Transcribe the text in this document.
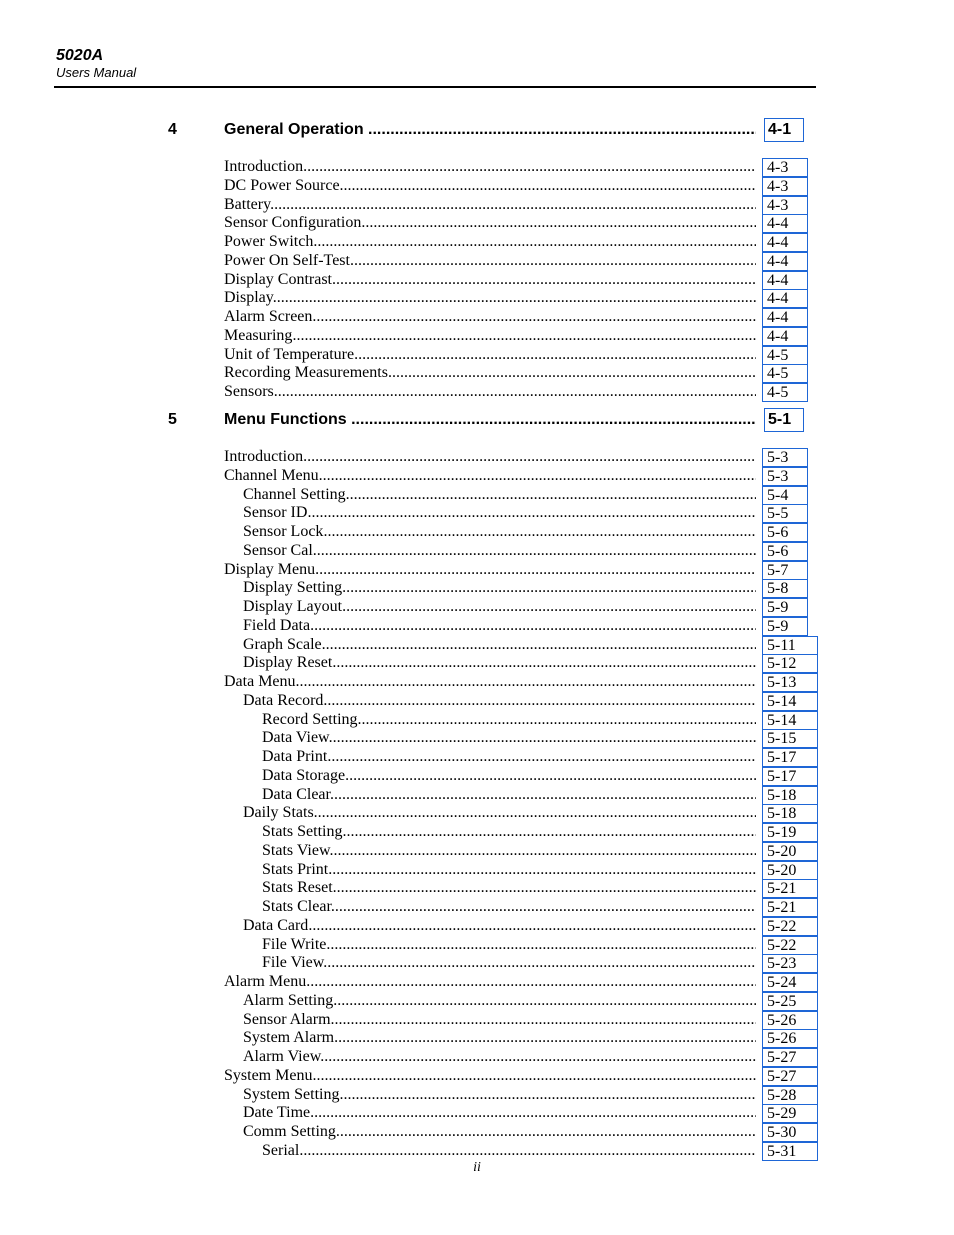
5020A
Users Manual
4	General Operation .....	4-1
Introduction .....	4-3
DC Power Source .....	4-3
Battery .....	4-3
Sensor Configuration .....	4-4
Power Switch .....	4-4
Power On Self-Test .....	4-4
Display Contrast .....	4-4
Display .....	4-4
Alarm Screen .....	4-4
Measuring .....	4-4
Unit of Temperature .....	4-5
Recording Measurements .....	4-5
Sensors .....	4-5
5	Menu Functions .....	5-1
Introduction .....	5-3
Channel Menu .....	5-3
Channel Setting .....	5-4
Sensor ID .....	5-5
Sensor Lock .....	5-6
Sensor Cal .....	5-6
Display Menu .....	5-7
Display Setting .....	5-8
Display Layout .....	5-9
Field Data .....	5-9
Graph Scale .....	5-11
Display Reset .....	5-12
Data Menu .....	5-13
Data Record .....	5-14
Record Setting .....	5-14
Data View .....	5-15
Data Print .....	5-17
Data Storage .....	5-17
Data Clear .....	5-18
Daily Stats .....	5-18
Stats Setting .....	5-19
Stats View .....	5-20
Stats Print .....	5-20
Stats Reset .....	5-21
Stats Clear .....	5-21
Data Card .....	5-22
File Write .....	5-22
File View .....	5-23
Alarm Menu .....	5-24
Alarm Setting .....	5-25
Sensor Alarm .....	5-26
System Alarm .....	5-26
Alarm View .....	5-27
System Menu .....	5-27
System Setting .....	5-28
Date Time .....	5-29
Comm Setting .....	5-30
Serial .....	5-31
ii
